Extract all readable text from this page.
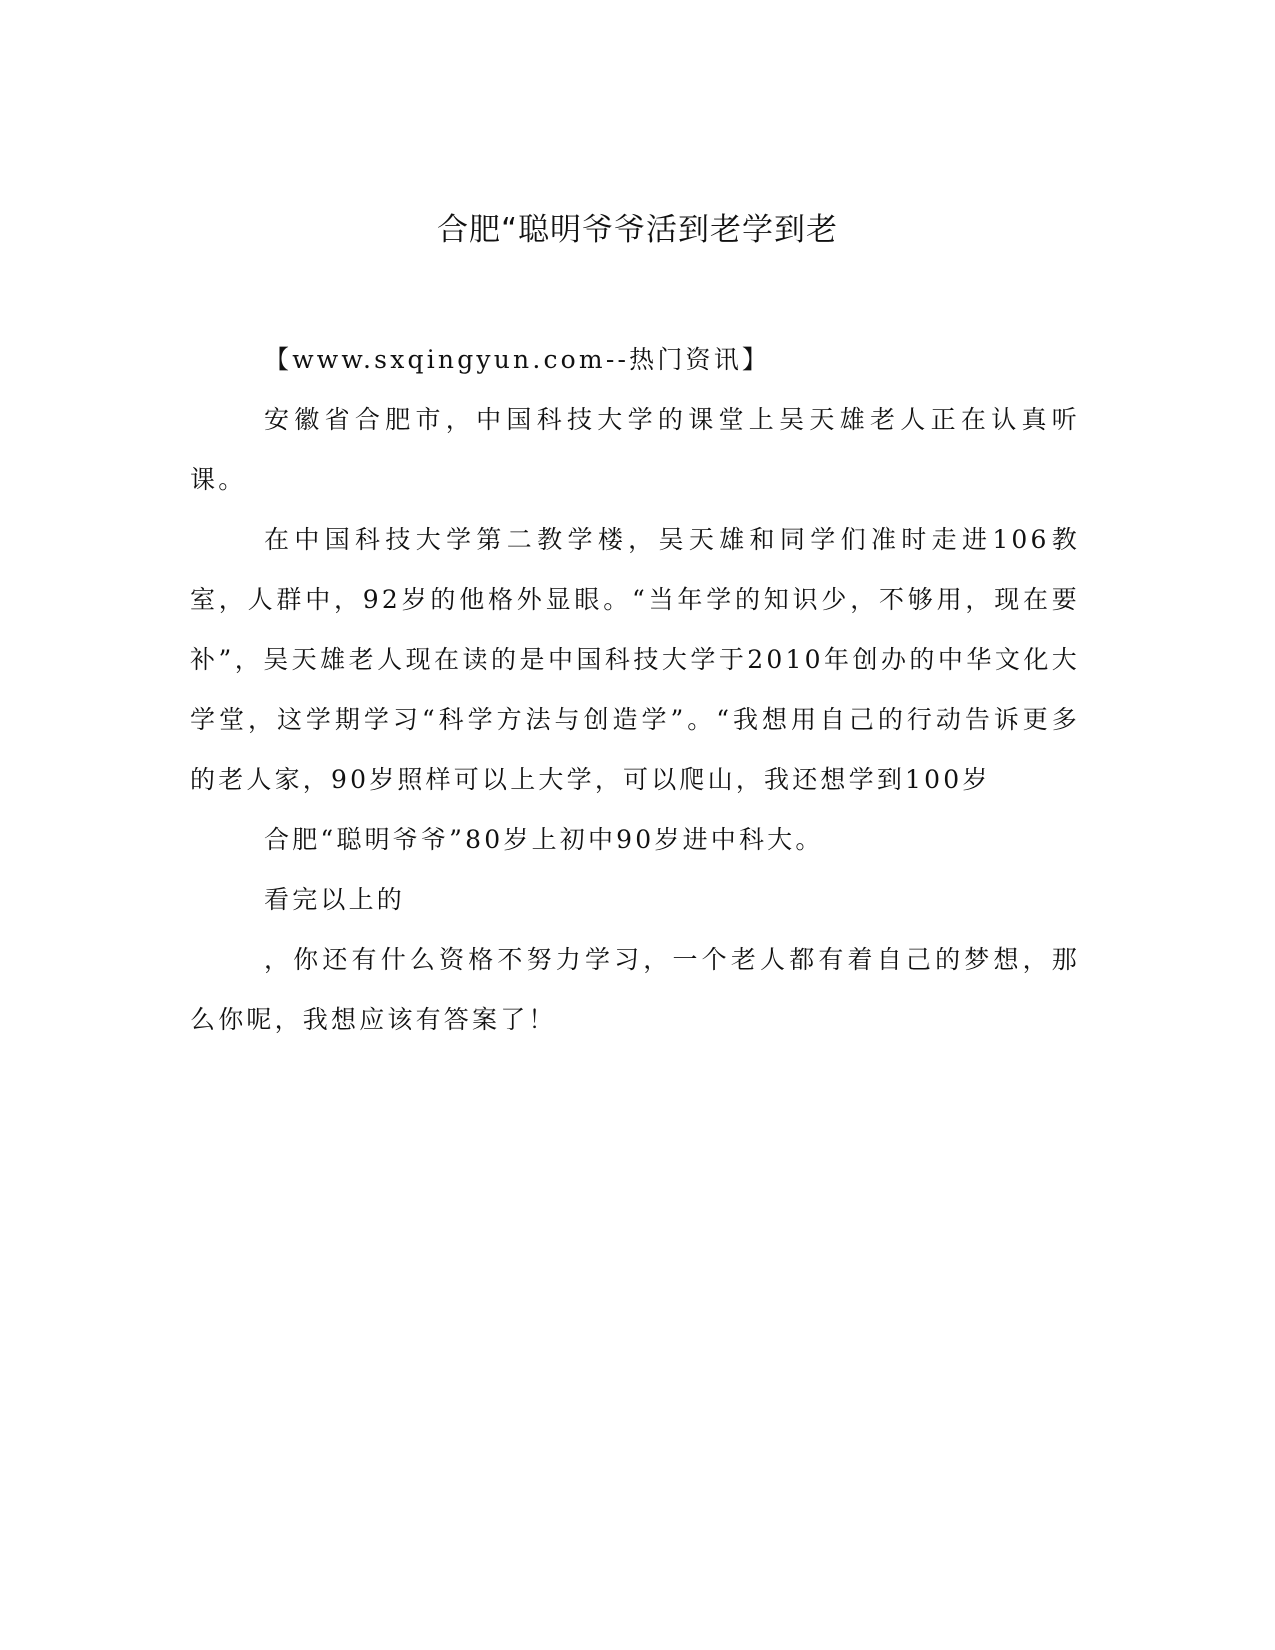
合肥“聪明爷爷活到老学到老

【www.sxqingyun.com--热门资讯】

安徽省合肥市，中国科技大学的课堂上吴天雄老人正在认真听课。

在中国科技大学第二教学楼，吴天雄和同学们准时走进106教室，人群中，92岁的他格外显眼。“当年学的知识少，不够用，现在要补”，吴天雄老人现在读的是中国科技大学于2010年创办的中华文化大学堂，这学期学习“科学方法与创造学”。“我想用自己的行动告诉更多的老人家，90岁照样可以上大学，可以爬山，我还想学到100岁

合肥“聪明爷爷”80岁上初中90岁进中科大。

看完以上的

，你还有什么资格不努力学习，一个老人都有着自己的梦想，那么你呢，我想应该有答案了！
